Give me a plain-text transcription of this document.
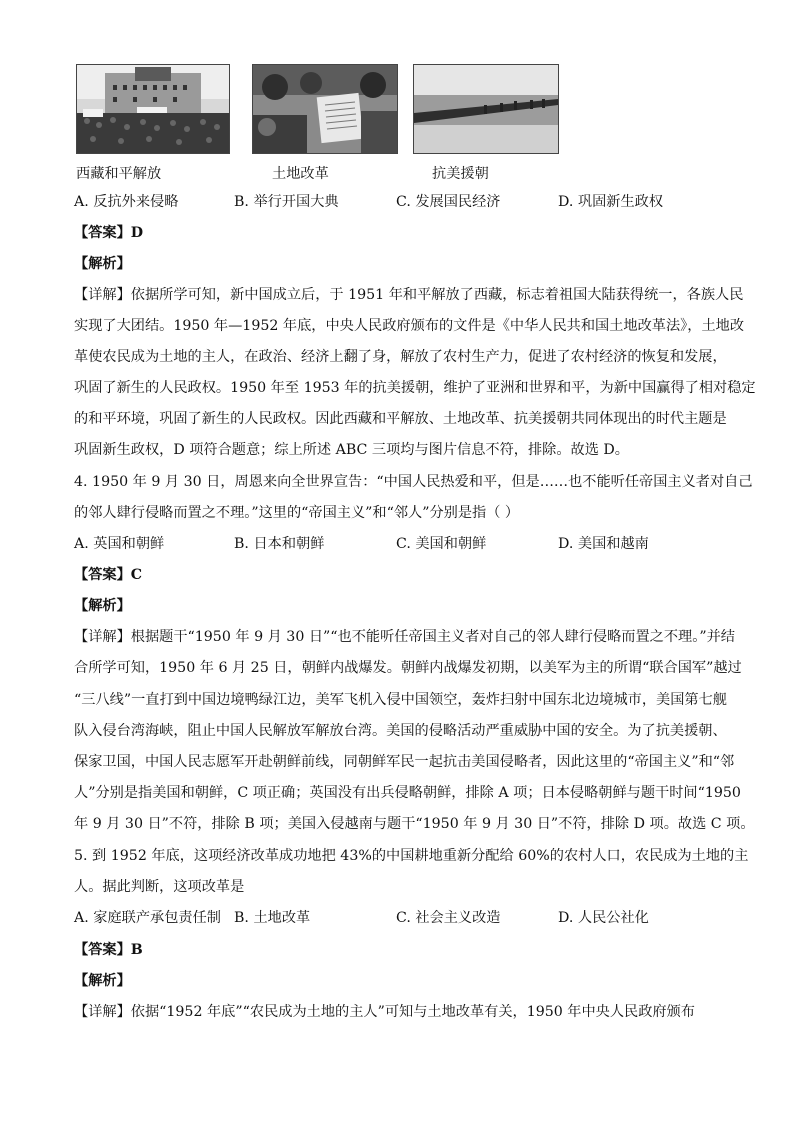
西藏和平解放	土地改革	抗美援朝
A. 反抗外来侵略	B. 举行开国大典	C. 发展国民经济	D. 巩固新生政权
【答案】D
【解析】
【详解】依据所学可知，新中国成立后，于 1951 年和平解放了西藏，标志着祖国大陆获得统一，各族人民
实现了大团结。1950 年—1952 年底，中央人民政府颁布的文件是《中华人民共和国土地改革法》，土地改
革使农民成为土地的主人，在政治、经济上翻了身，解放了农村生产力，促进了农村经济的恢复和发展，
巩固了新生的人民政权。1950 年至 1953 年的抗美援朝，维护了亚洲和世界和平，为新中国赢得了相对稳定
的和平环境，巩固了新生的人民政权。因此西藏和平解放、土地改革、抗美援朝共同体现出的时代主题是
巩固新生政权，D 项符合题意；综上所述 ABC 三项均与图片信息不符，排除。故选 D。
4. 1950 年 9 月 30 日，周恩来向全世界宣告：“中国人民热爱和平，但是……也不能听任帝国主义者对自己
的邻人肆行侵略而置之不理。”这里的“帝国主义”和“邻人”分别是指（ ）
A. 英国和朝鲜	B. 日本和朝鲜	C. 美国和朝鲜	D. 美国和越南
【答案】C
【解析】
【详解】根据题干“1950 年 9 月 30 日”“也不能听任帝国主义者对自己的邻人肆行侵略而置之不理。”并结
合所学可知，1950 年 6 月 25 日，朝鲜内战爆发。朝鲜内战爆发初期，以美军为主的所谓“联合国军”越过
“三八线”一直打到中国边境鸭绿江边，美军飞机入侵中国领空，轰炸扫射中国东北边境城市，美国第七舰
队入侵台湾海峡，阻止中国人民解放军解放台湾。美国的侵略活动严重威胁中国的安全。为了抗美援朝、
保家卫国，中国人民志愿军开赴朝鲜前线，同朝鲜军民一起抗击美国侵略者，因此这里的“帝国主义”和“邻
人”分别是指美国和朝鲜，C 项正确；英国没有出兵侵略朝鲜，排除 A 项；日本侵略朝鲜与题干时间“1950
年 9 月 30 日”不符，排除 B 项；美国入侵越南与题干“1950 年 9 月 30 日”不符，排除 D 项。故选 C 项。
5. 到 1952 年底，这项经济改革成功地把 43%的中国耕地重新分配给 60%的农村人口，农民成为土地的主
人。据此判断，这项改革是
A. 家庭联产承包责任制 B. 土地改革	C. 社会主义改造	D. 人民公社化
【答案】B
【解析】
【详解】依据“1952 年底”“农民成为土地的主人”可知与土地改革有关，1950 年中央人民政府颁布
